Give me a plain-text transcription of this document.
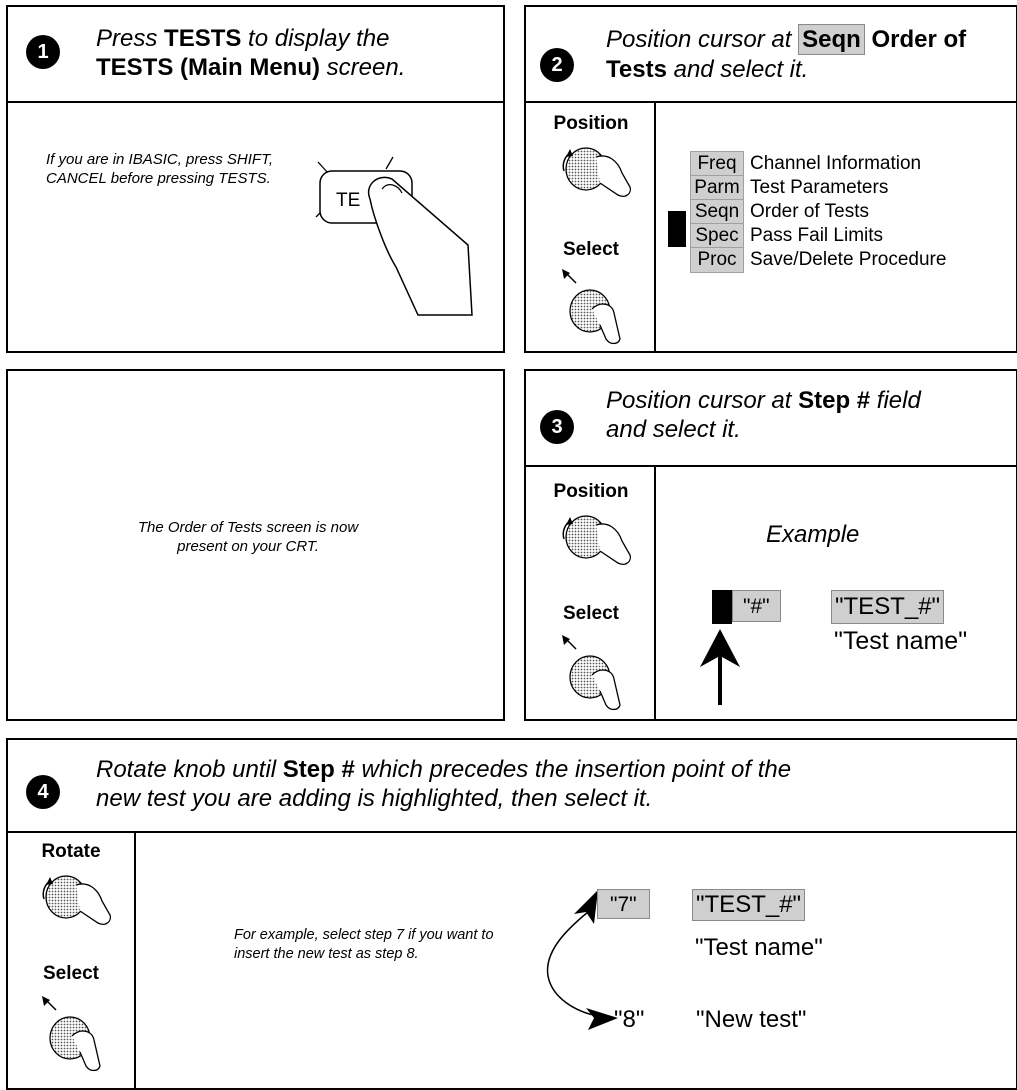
1	Press TESTS to display the
TESTS (Main Menu) screen.
If you are in IBASIC, press SHIFT, CANCEL before pressing TESTS.
TE
2
Position cursor at Seqn Order of
Tests and select it.
Position
Select
Freq Channel Information
Parm Test Parameters
Seqn Order of Tests
Spec Pass Fail Limits
Proc Save/Delete Procedure
The Order of Tests screen is now present on your CRT.
3
Position cursor at Step # field
and select it.
Position
Select
Example
"#"	"TEST_#"
"Test name"
4
Rotate knob until Step # which precedes the insertion point of the
new test you are adding is highlighted, then select it.
Rotate
Select
For example, select step 7 if you want to insert the new test as step 8.
"7"	"TEST_#"
"Test name"
"8" "New test"
